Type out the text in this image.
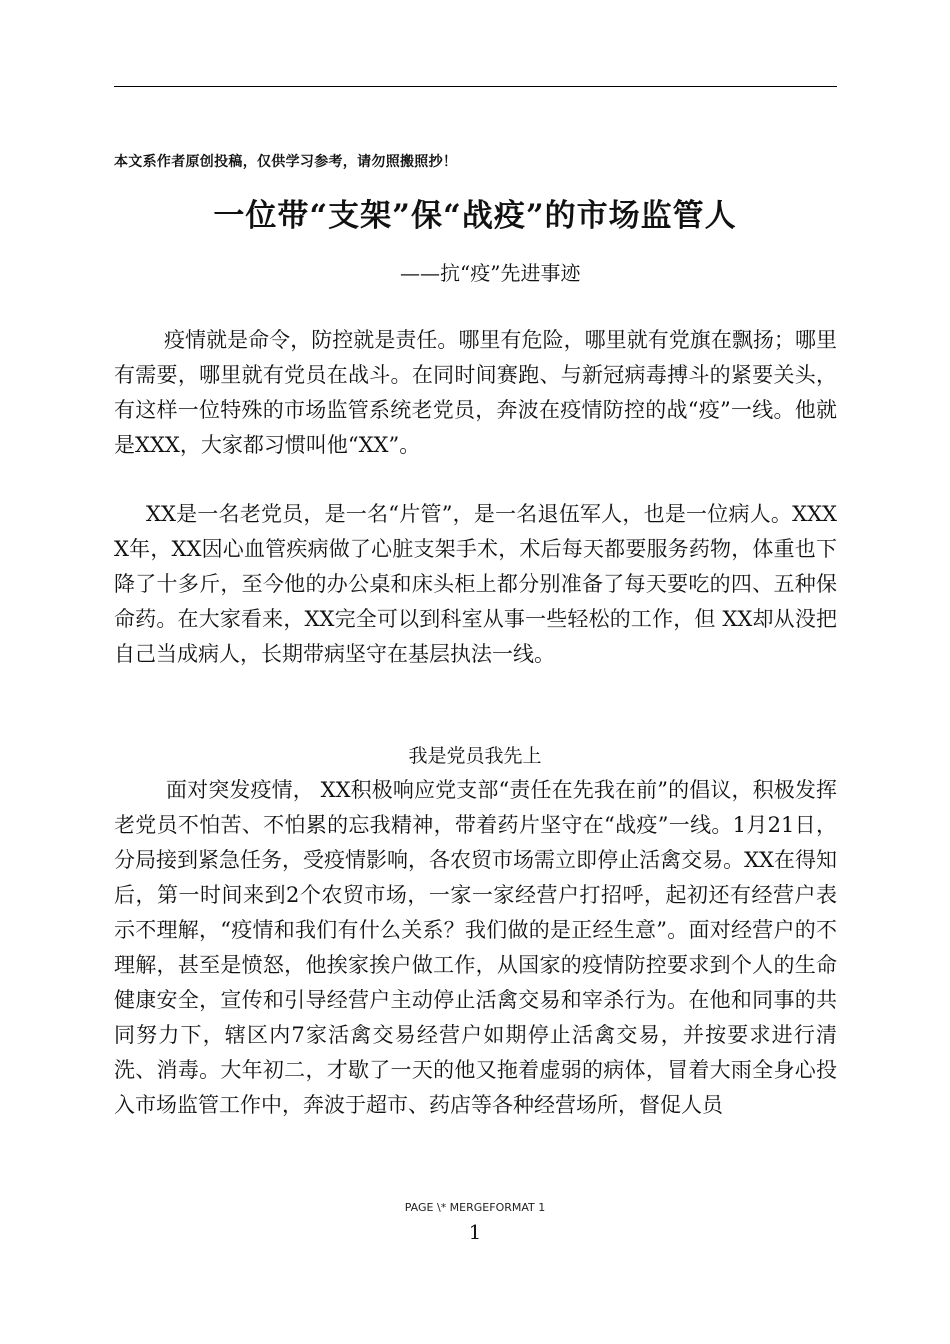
本文系作者原创投稿，仅供学习参考，请勿照搬照抄！
一位带“支架”保“战疫”的市场监管人
——抗“疫”先进事迹
疫情就是命令，防控就是责任。哪里有危险，哪里就有党旗在飘扬；哪里有需要，哪里就有党员在战斗。在同时间赛跑、与新冠病毒搏斗的紧要关头，有这样一位特殊的市场监管系统老党员，奔波在疫情防控的战“疫”一线。他就是XXX，大家都习惯叫他“XX”。
XX是一名老党员，是一名“片管”，是一名退伍军人，也是一位病人。XXXX年，XX因心血管疾病做了心脏支架手术，术后每天都要服务药物，体重也下降了十多斤，至今他的办公桌和床头柜上都分别准备了每天要吃的四、五种保命药。在大家看来，XX完全可以到科室从事一些轻松的工作，但 XX却从没把自己当成病人，长期带病坚守在基层执法一线。
我是党员我先上
面对突发疫情， XX积极响应党支部“责任在先我在前”的倡议，积极发挥老党员不怕苦、不怕累的忘我精神，带着药片坚守在“战疫”一线。1月21日，分局接到紧急任务，受疫情影响，各农贸市场需立即停止活禽交易。XX在得知后，第一时间来到2个农贸市场，一家一家经营户打招呼，起初还有经营户表示不理解，“疫情和我们有什么关系？我们做的是正经生意”。面对经营户的不理解，甚至是愤怒，他挨家挨户做工作，从国家的疫情防控要求到个人的生命健康安全，宣传和引导经营户主动停止活禽交易和宰杀行为。在他和同事的共同努力下，辖区内7家活禽交易经营户如期停止活禽交易，并按要求进行清洗、消毒。大年初二，才歇了一天的他又拖着虚弱的病体，冒着大雨全身心投入市场监管工作中，奔波于超市、药店等各种经营场所，督促人员
PAGE \* MERGEFORMAT 1
1
